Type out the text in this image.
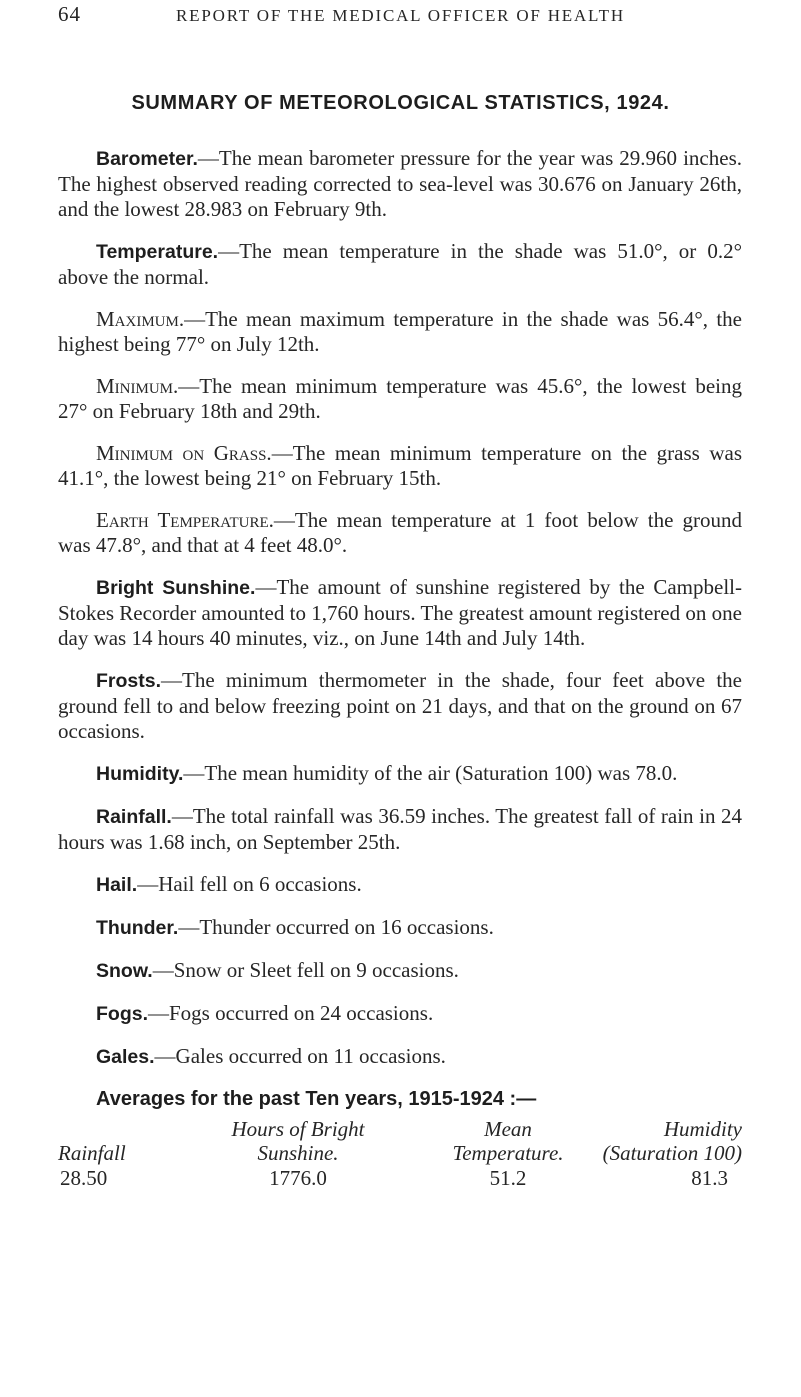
64	REPORT OF THE MEDICAL OFFICER OF HEALTH
SUMMARY OF METEOROLOGICAL STATISTICS, 1924.

Barometer.—The mean barometer pressure for the year was 29.960 inches. The highest observed reading corrected to sea-level was 30.676 on January 26th, and the lowest 28.983 on February 9th.

Temperature.—The mean temperature in the shade was 51.0°, or 0.2° above the normal.

Maximum.—The mean maximum temperature in the shade was 56.4°, the highest being 77° on July 12th.

Minimum.—The mean minimum temperature was 45.6°, the lowest being 27° on February 18th and 29th.

Minimum on Grass.—The mean minimum temperature on the grass was 41.1°, the lowest being 21° on February 15th.

Earth Temperature.—The mean temperature at 1 foot below the ground was 47.8°, and that at 4 feet 48.0°.

Bright Sunshine.—The amount of sunshine registered by the Campbell-Stokes Recorder amounted to 1,760 hours. The greatest amount registered on one day was 14 hours 40 minutes, viz., on June 14th and July 14th.

Frosts.—The minimum thermometer in the shade, four feet above the ground fell to and below freezing point on 21 days, and that on the ground on 67 occasions.

Humidity.—The mean humidity of the air (Saturation 100) was 78.0.

Rainfall.—The total rainfall was 36.59 inches. The greatest fall of rain in 24 hours was 1.68 inch, on September 25th.

Hail.—Hail fell on 6 occasions.

Thunder.—Thunder occurred on 16 occasions.

Snow.—Snow or Sleet fell on 9 occasions.

Fogs.—Fogs occurred on 24 occasions.

Gales.—Gales occurred on 11 occasions.

Averages for the past Ten years, 1915-1924 :—
Rainfall
28.50
Hours of Bright
Sunshine.
1776.0
Mean
Temperature.
51.2
Humidity
(Saturation 100)
81.3
